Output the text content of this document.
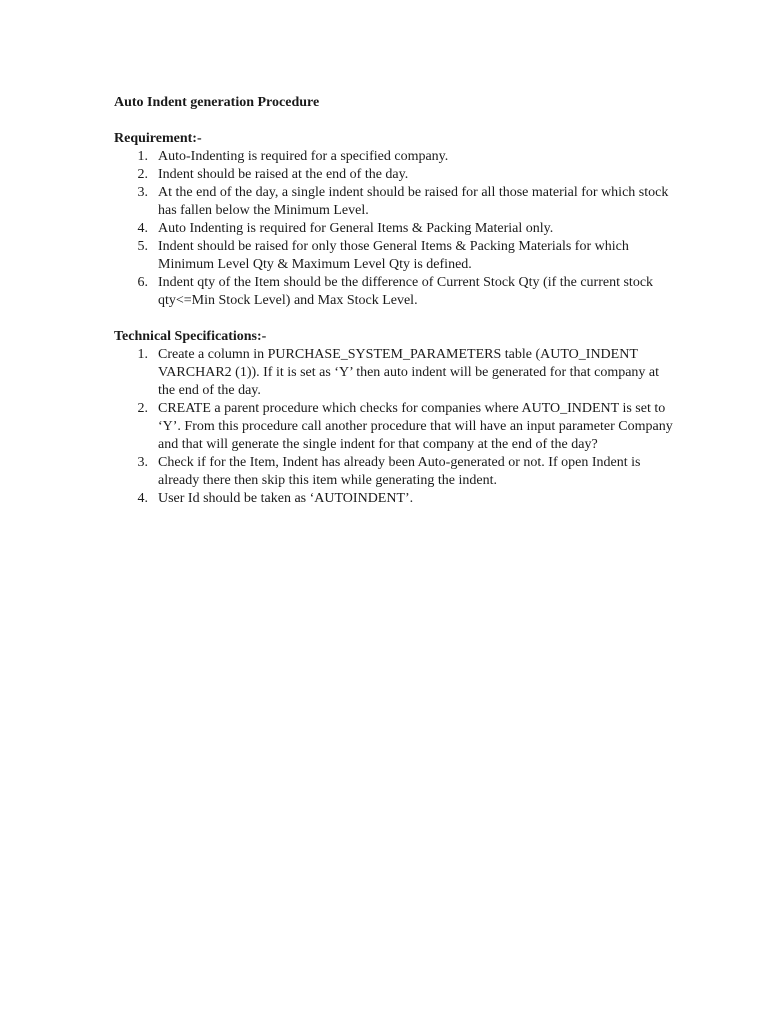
Auto Indent generation Procedure
Requirement:-
1. Auto-Indenting is required for a specified company.
2. Indent should be raised at the end of the day.
3. At the end of the day, a single indent should be raised for all those material for which stock has fallen below the Minimum Level.
4. Auto Indenting is required for General Items & Packing Material only.
5. Indent should be raised for only those General Items & Packing Materials for which Minimum Level Qty & Maximum Level Qty is defined.
6. Indent qty of the Item should be the difference of Current Stock Qty (if the current stock qty<=Min Stock Level) and Max Stock Level.
Technical Specifications:-
1. Create a column in PURCHASE_SYSTEM_PARAMETERS table (AUTO_INDENT VARCHAR2 (1)). If it is set as ‘Y’ then auto indent will be generated for that company at the end of the day.
2. CREATE a parent procedure which checks for companies where AUTO_INDENT is set to ‘Y’. From this procedure call another procedure that will have an input parameter Company and that will generate the single indent for that company at the end of the day?
3. Check if for the Item, Indent has already been Auto-generated or not. If open Indent is already there then skip this item while generating the indent.
4. User Id should be taken as ‘AUTOINDENT’.
